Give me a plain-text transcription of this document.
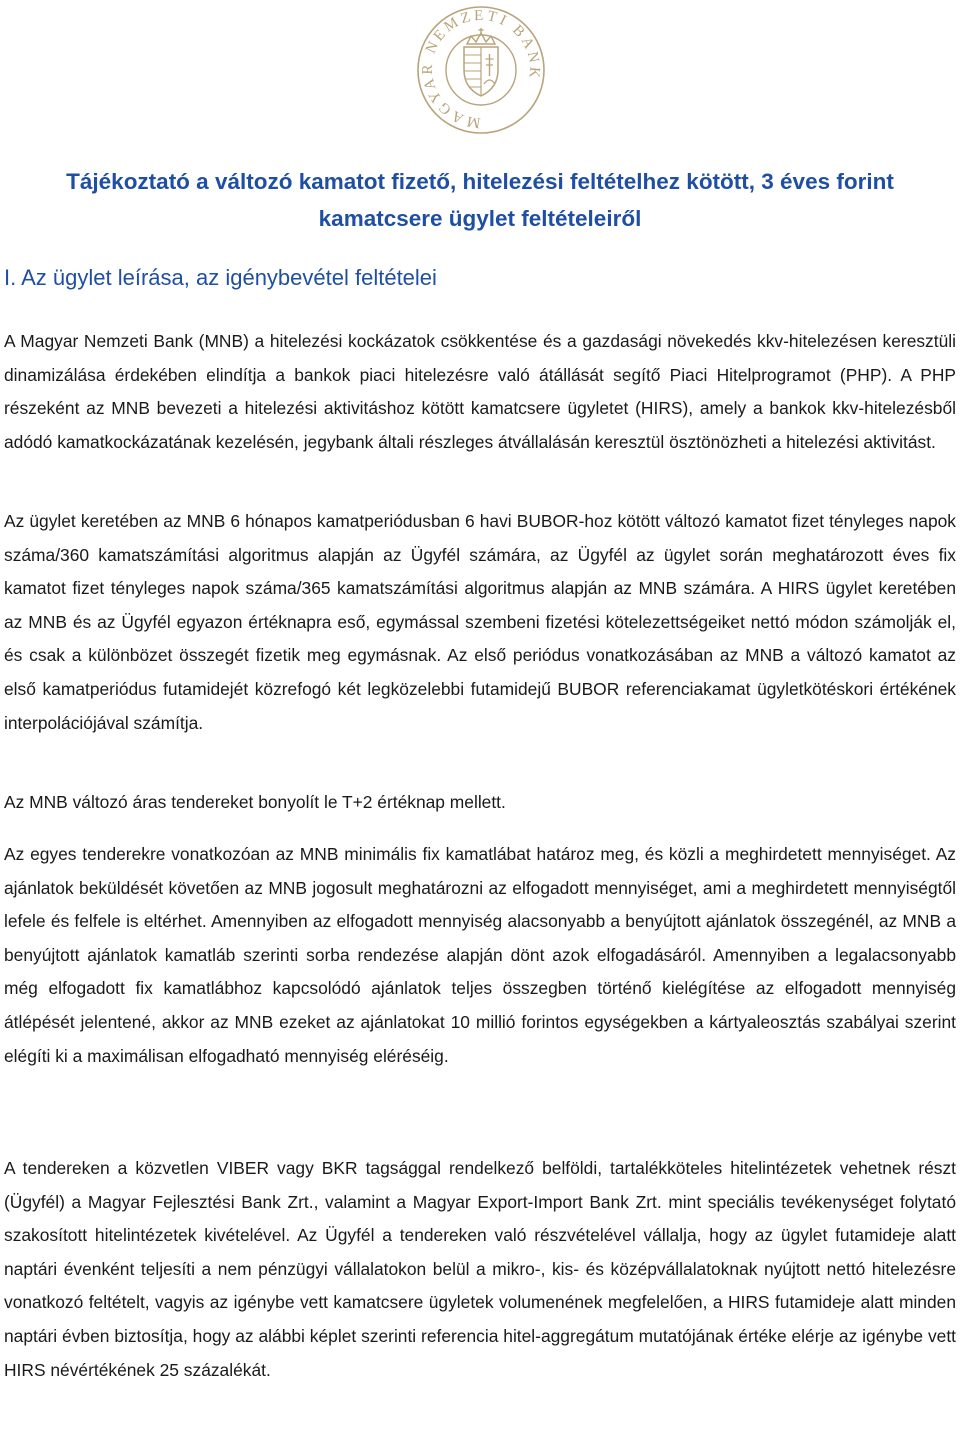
MAGYAR NEMZETI BANK
Tájékoztató a változó kamatot fizető, hitelezési feltételhez kötött, 3 éves forint kamatcsere ügylet feltételeiről
I. Az ügylet leírása, az igénybevétel feltételei

A Magyar Nemzeti Bank (MNB) a hitelezési kockázatok csökkentése és a gazdasági növekedés kkv-hitelezésen keresztüli dinamizálása érdekében elindítja a bankok piaci hitelezésre való átállását segítő Piaci Hitelprogramot (PHP). A PHP részeként az MNB bevezeti a hitelezési aktivitáshoz kötött kamatcsere ügyletet (HIRS), amely a bankok kkv-hitelezésből adódó kamatkockázatának kezelésén, jegybank általi részleges átvállalásán keresztül ösztönözheti a hitelezési aktivitást.

Az ügylet keretében az MNB 6 hónapos kamatperiódusban 6 havi BUBOR-hoz kötött változó kamatot fizet tényleges napok száma/360 kamatszámítási algoritmus alapján az Ügyfél számára, az Ügyfél az ügylet során meghatározott éves fix kamatot fizet tényleges napok száma/365 kamatszámítási algoritmus alapján az MNB számára. A HIRS ügylet keretében az MNB és az Ügyfél egyazon értéknapra eső, egymással szembeni fizetési kötelezettségeiket nettó módon számolják el, és csak a különbözet összegét fizetik meg egymásnak. Az első periódus vonatkozásában az MNB a változó kamatot az első kamatperiódus futamidejét közrefogó két legközelebbi futamidejű BUBOR referenciakamat ügyletkötéskori értékének interpolációjával számítja.

Az MNB változó áras tendereket bonyolít le T+2 értéknap mellett.

Az egyes tenderekre vonatkozóan az MNB minimális fix kamatlábat határoz meg, és közli a meghirdetett mennyiséget. Az ajánlatok beküldését követően az MNB jogosult meghatározni az elfogadott mennyiséget, ami a meghirdetett mennyiségtől lefele és felfele is eltérhet. Amennyiben az elfogadott mennyiség alacsonyabb a benyújtott ajánlatok összegénél, az MNB a benyújtott ajánlatok kamatláb szerinti sorba rendezése alapján dönt azok elfogadásáról. Amennyiben a legalacsonyabb még elfogadott fix kamatlábhoz kapcsolódó ajánlatok teljes összegben történő kielégítése az elfogadott mennyiség átlépését jelentené, akkor az MNB ezeket az ajánlatokat 10 millió forintos egységekben a kártyaleosztás szabályai szerint elégíti ki a maximálisan elfogadható mennyiség eléréséig.

A tendereken a közvetlen VIBER vagy BKR tagsággal rendelkező belföldi, tartalékköteles hitelintézetek vehetnek részt (Ügyfél) a Magyar Fejlesztési Bank Zrt., valamint a Magyar Export-Import Bank Zrt. mint speciális tevékenységet folytató szakosított hitelintézetek kivételével. Az Ügyfél a tendereken való részvételével vállalja, hogy az ügylet futamideje alatt naptári évenként teljesíti a nem pénzügyi vállalatokon belül a mikro-, kis- és középvállalatoknak nyújtott nettó hitelezésre vonatkozó feltételt, vagyis az igénybe vett kamatcsere ügyletek volumenének megfelelően, a HIRS futamideje alatt minden naptári évben biztosítja, hogy az alábbi képlet szerinti referencia hitel-aggregátum mutatójának értéke elérje az igénybe vett HIRS névértékének 25 százalékát.
